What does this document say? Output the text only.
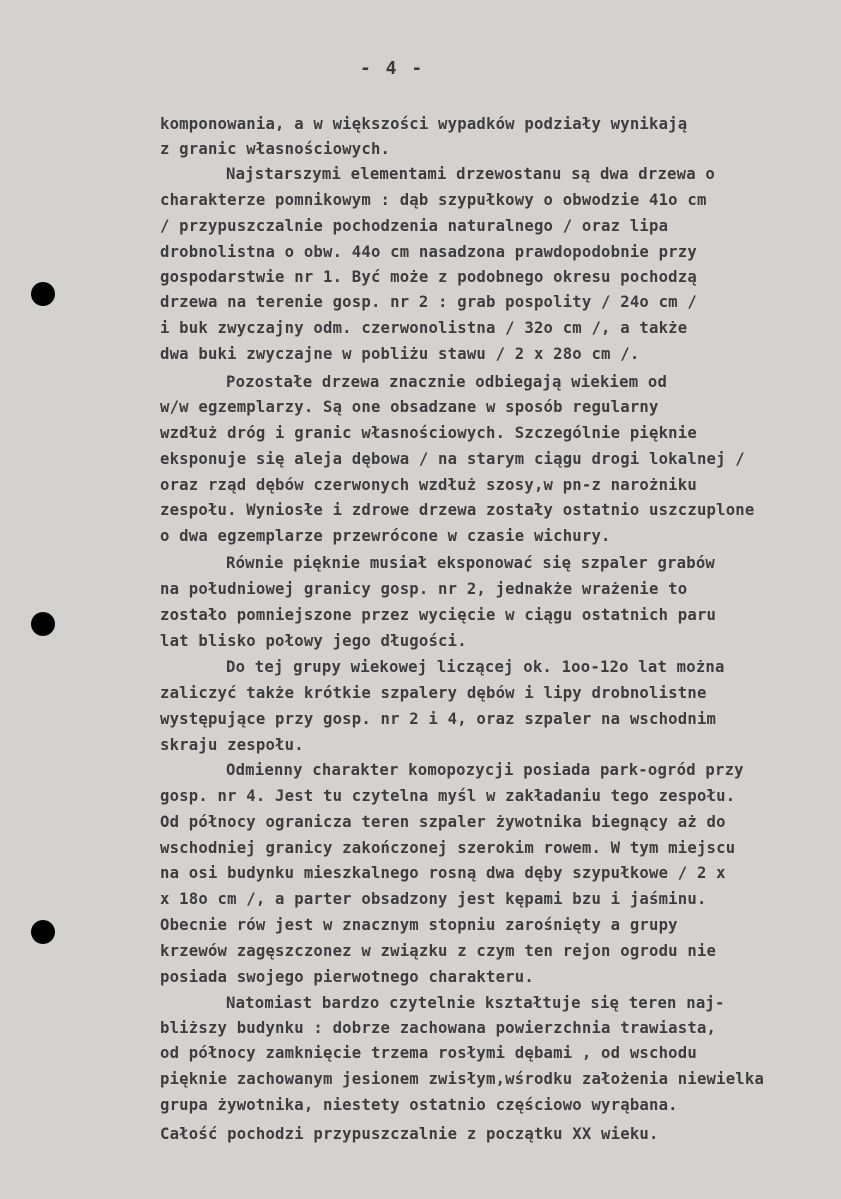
- 4 -
komponowania, a w większości wypadków podziały wynikają
z granic własnościowych.
Najstarszymi elementami drzewostanu są dwa drzewa o
charakterze pomnikowym : dąb szypułkowy o obwodzie 41o cm
/ przypuszczalnie pochodzenia naturalnego / oraz lipa
drobnolistna o obw. 44o cm nasadzona prawdopodobnie przy
gospodarstwie nr 1. Być może z podobnego okresu pochodzą
drzewa na terenie gosp. nr 2 : grab pospolity / 24o cm /
i buk zwyczajny odm. czerwonolistna / 32o cm /, a także
dwa buki zwyczajne w pobliżu stawu / 2 x 28o cm /.
Pozostałe drzewa znacznie odbiegają wiekiem od
w/w egzemplarzy. Są one obsadzane w sposób regularny
wzdłuż dróg i granic własnościowych. Szczególnie pięknie
eksponuje się aleja dębowa / na starym ciągu drogi lokalnej /
oraz rząd dębów czerwonych wzdłuż szosy,w pn-z narożniku
zespołu. Wyniosłe i zdrowe drzewa zostały ostatnio uszczuplone
o dwa egzemplarze przewrócone w czasie wichury.
Równie pięknie musiał eksponować się szpaler grabów
na południowej granicy gosp. nr 2, jednakże wrażenie to
zostało pomniejszone przez wycięcie w ciągu ostatnich paru
lat blisko połowy jego długości.
Do tej grupy wiekowej liczącej ok. 1oo-12o lat można
zaliczyć także krótkie szpalery dębów i lipy drobnolistne
występujące przy gosp. nr 2 i 4, oraz szpaler na wschodnim
skraju zespołu.
Odmienny charakter komopozycji posiada park-ogród przy
gosp. nr 4. Jest tu czytelna myśl w zakładaniu tego zespołu.
Od północy ogranicza teren szpaler żywotnika biegnący aż do
wschodniej granicy zakończonej szerokim rowem. W tym miejscu
na osi budynku mieszkalnego rosną dwa dęby szypułkowe / 2 x
x 18o cm /, a parter obsadzony jest kępami bzu i jaśminu.
Obecnie rów jest w znacznym stopniu zarośnięty a grupy
krzewów zagęszczonez w związku z czym ten rejon ogrodu nie
posiada swojego pierwotnego charakteru.
Natomiast bardzo czytelnie kształtuje się teren naj-
bliższy budynku : dobrze zachowana powierzchnia trawiasta,
od północy zamknięcie trzema rosłymi dębami , od wschodu
pięknie zachowanym jesionem zwisłym,wśrodku założenia niewielka
grupa żywotnika, niestety ostatnio częściowo wyrąbana.
Całość pochodzi przypuszczalnie z początku XX wieku.
